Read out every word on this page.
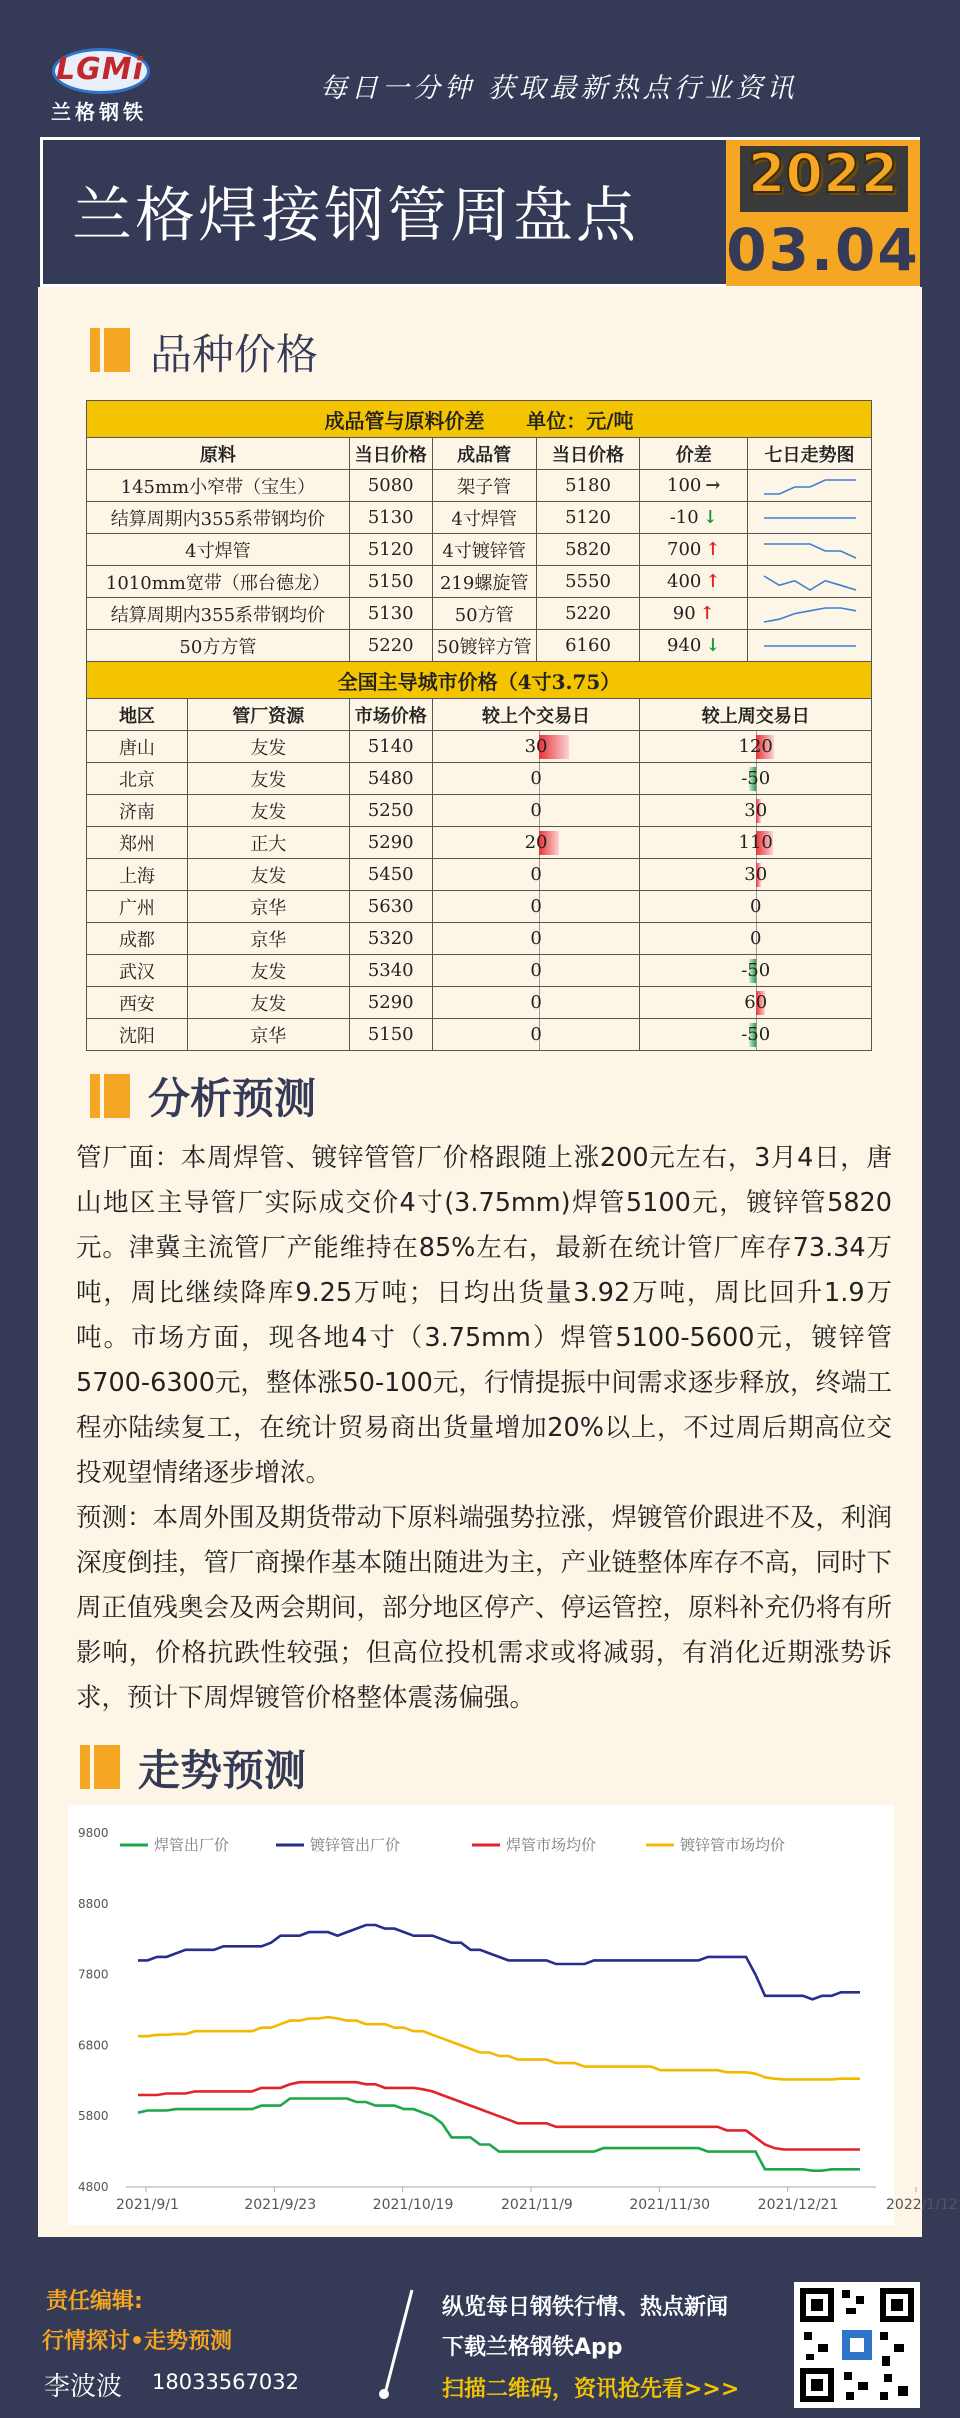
LGMi
兰格钢铁
每日一分钟 获取最新热点行业资讯
兰格焊接钢管周盘点
2022
03.04
品种价格
成品管与原料价差      单位：元/吨						
原料		当日价格	成品管	当日价格	价差	七日走势图
145mm小窄带（宝生）		5080	架子管	5180	100 →	

结算周期内355系带钢均价		5130	4寸焊管	5120	-10 ↓	

4寸焊管		5120	4寸镀锌管	5820	700 ↑	

1010mm宽带（邢台德龙）		5150	219螺旋管	5550	400 ↑	

结算周期内355系带钢均价		5130	50方管	5220	90 ↑	

50方方管		5220	50镀锌方管	6160	940 ↓	

全国主导城市价格（4寸3.75）						
地区	管厂资源	市场价格	较上个交易日		较上周交易日	
唐山	友发	5140	30		120	
北京	友发	5480	0		-50	
济南	友发	5250	0		30	
郑州	正大	5290	20		110	
上海	友发	5450	0		30	
广州	京华	5630	0		0	
成都	京华	5320	0		0	
武汉	友发	5340	0		-50	
西安	友发	5290	0		60	
沈阳	京华	5150	0		-50	
分析预测

管厂面：本周焊管、镀锌管管厂价格跟随上涨200元左右，3月4日，唐山地区主导管厂实际成交价4寸(3.75mm)焊管5100元，镀锌管5820元。津冀主流管厂产能维持在85%左右，最新在统计管厂库存73.34万吨，周比继续降库9.25万吨；日均出货量3.92万吨，周比回升1.9万吨。市场方面，现各地4寸（3.75mm）焊管5100-5600元，镀锌管5700-6300元，整体涨50-100元，行情提振中间需求逐步释放，终端工程亦陆续复工，在统计贸易商出货量增加20%以上，不过周后期高位交投观望情绪逐步增浓。

预测：本周外围及期货带动下原料端强势拉涨，焊镀管价跟进不及，利润深度倒挂，管厂商操作基本随出随进为主，产业链整体库存不高，同时下周正值残奥会及两会期间，部分地区停产、停运管控，原料补充仍将有所影响，价格抗跌性较强；但高位投机需求或将减弱，有消化近期涨势诉求，预计下周焊镀管价格整体震荡偏强。

走势预测
4800
5800
6800
7800
8800
9800
2021/9/1	2021/9/23	2021/10/19	2021/11/9	2021/11/30	2021/12/21	2022/1/12
焊管出厂价	镀锌管出厂价	焊管市场均价	镀锌管市场均价
责任编辑:
行情探讨•走势预测
李波波 18033567032
纵览每日钢铁行情、热点新闻
下载兰格钢铁App
扫描二维码，资讯抢先看>>>
